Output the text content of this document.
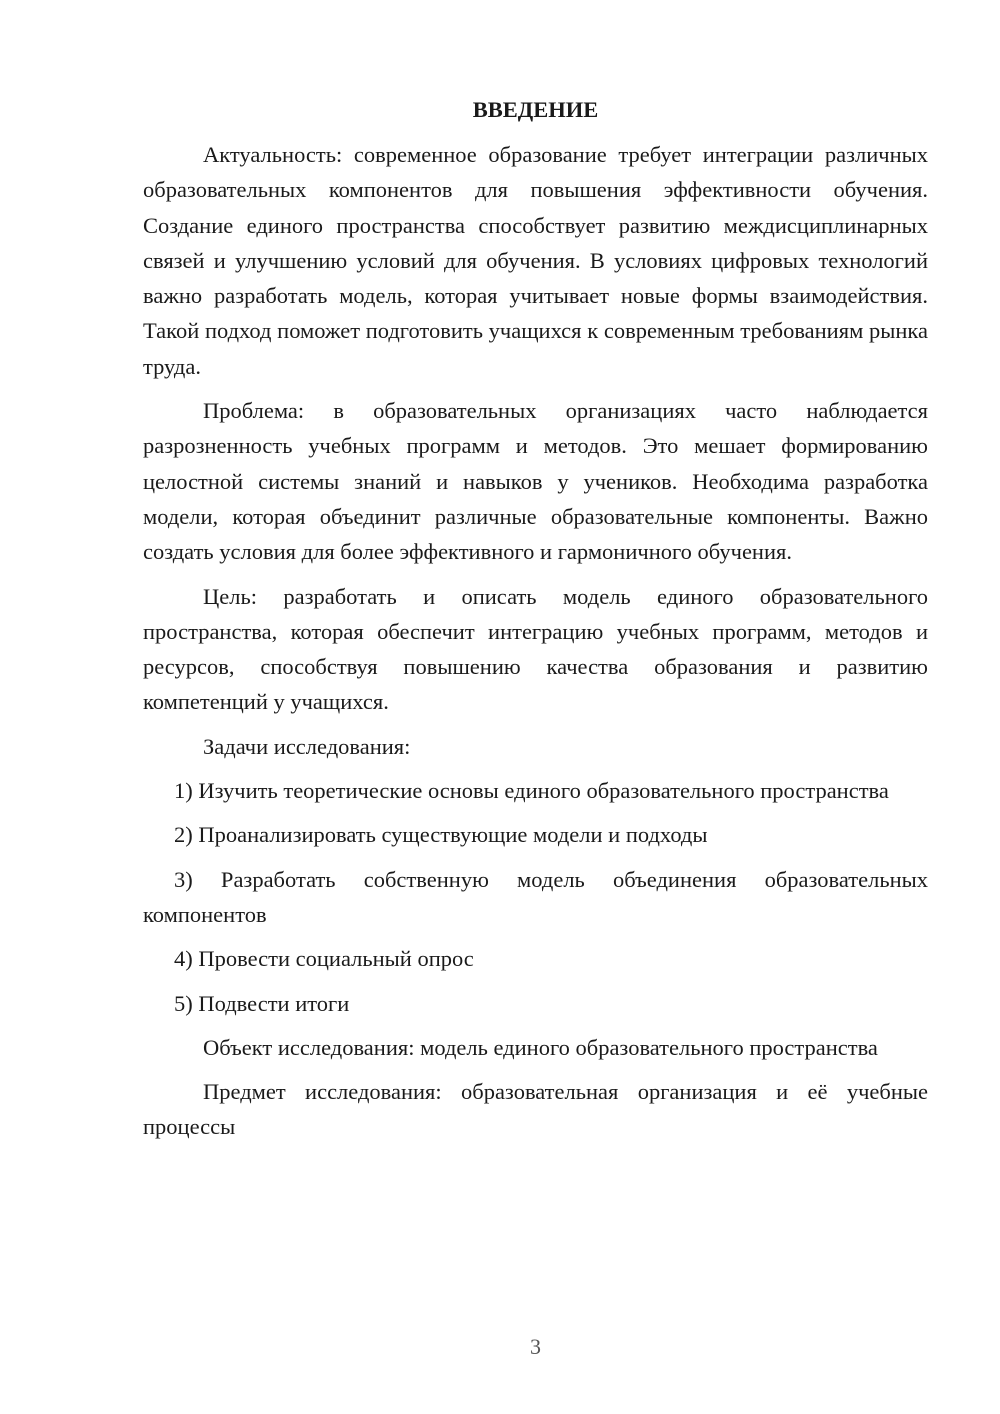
ВВЕДЕНИЕ
Актуальность: современное образование требует интеграции различных образовательных компонентов для повышения эффективности обучения. Создание единого пространства способствует развитию междисциплинарных связей и улучшению условий для обучения. В условиях цифровых технологий важно разработать модель, которая учитывает новые формы взаимодействия. Такой подход поможет подготовить учащихся к современным требованиям рынка труда.
Проблема: в образовательных организациях часто наблюдается разрозненность учебных программ и методов. Это мешает формированию целостной системы знаний и навыков у учеников. Необходима разработка модели, которая объединит различные образовательные компоненты. Важно создать условия для более эффективного и гармоничного обучения.
Цель: разработать и описать модель единого образовательного пространства, которая обеспечит интеграцию учебных программ, методов и ресурсов, способствуя повышению качества образования и развитию компетенций у учащихся.
Задачи исследования:
1) Изучить теоретические основы единого образовательного пространства
2) Проанализировать существующие модели и подходы
3) Разработать собственную модель объединения образовательных компонентов
4) Провести социальный опрос
5) Подвести итоги
Объект исследования: модель единого образовательного пространства
Предмет исследования: образовательная организация и её учебные процессы
3
